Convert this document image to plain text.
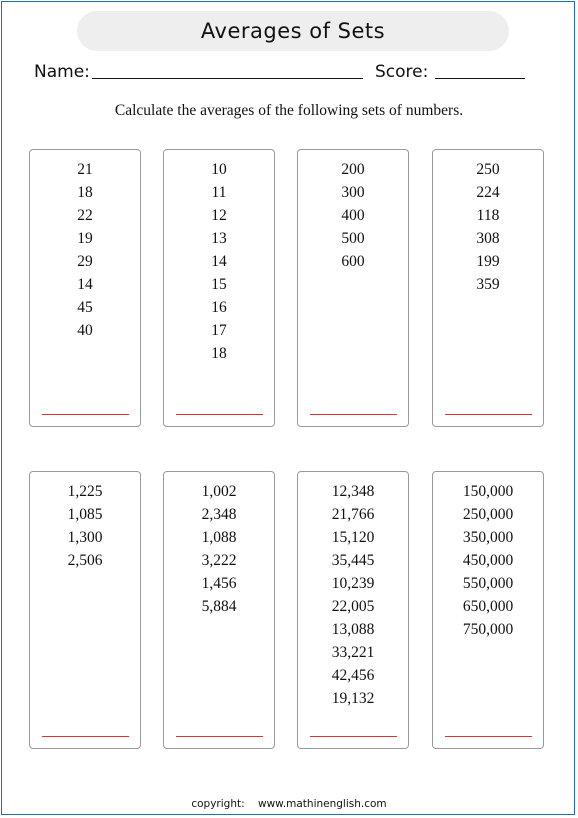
Averages of Sets
Name:	Score:
Calculate the averages of the following sets of numbers.
21
18
22
19
29
14
45
40
10
11
12
13
14
15
16
17
18
200
300
400
500
600
250
224
118
308
199
359
1,225
1,085
1,300
2,506
1,002
2,348
1,088
3,222
1,456
5,884
12,348
21,766
15,120
35,445
10,239
22,005
13,088
33,221
42,456
19,132
150,000
250,000
350,000
450,000
550,000
650,000
750,000
copyright: www.mathinenglish.com
